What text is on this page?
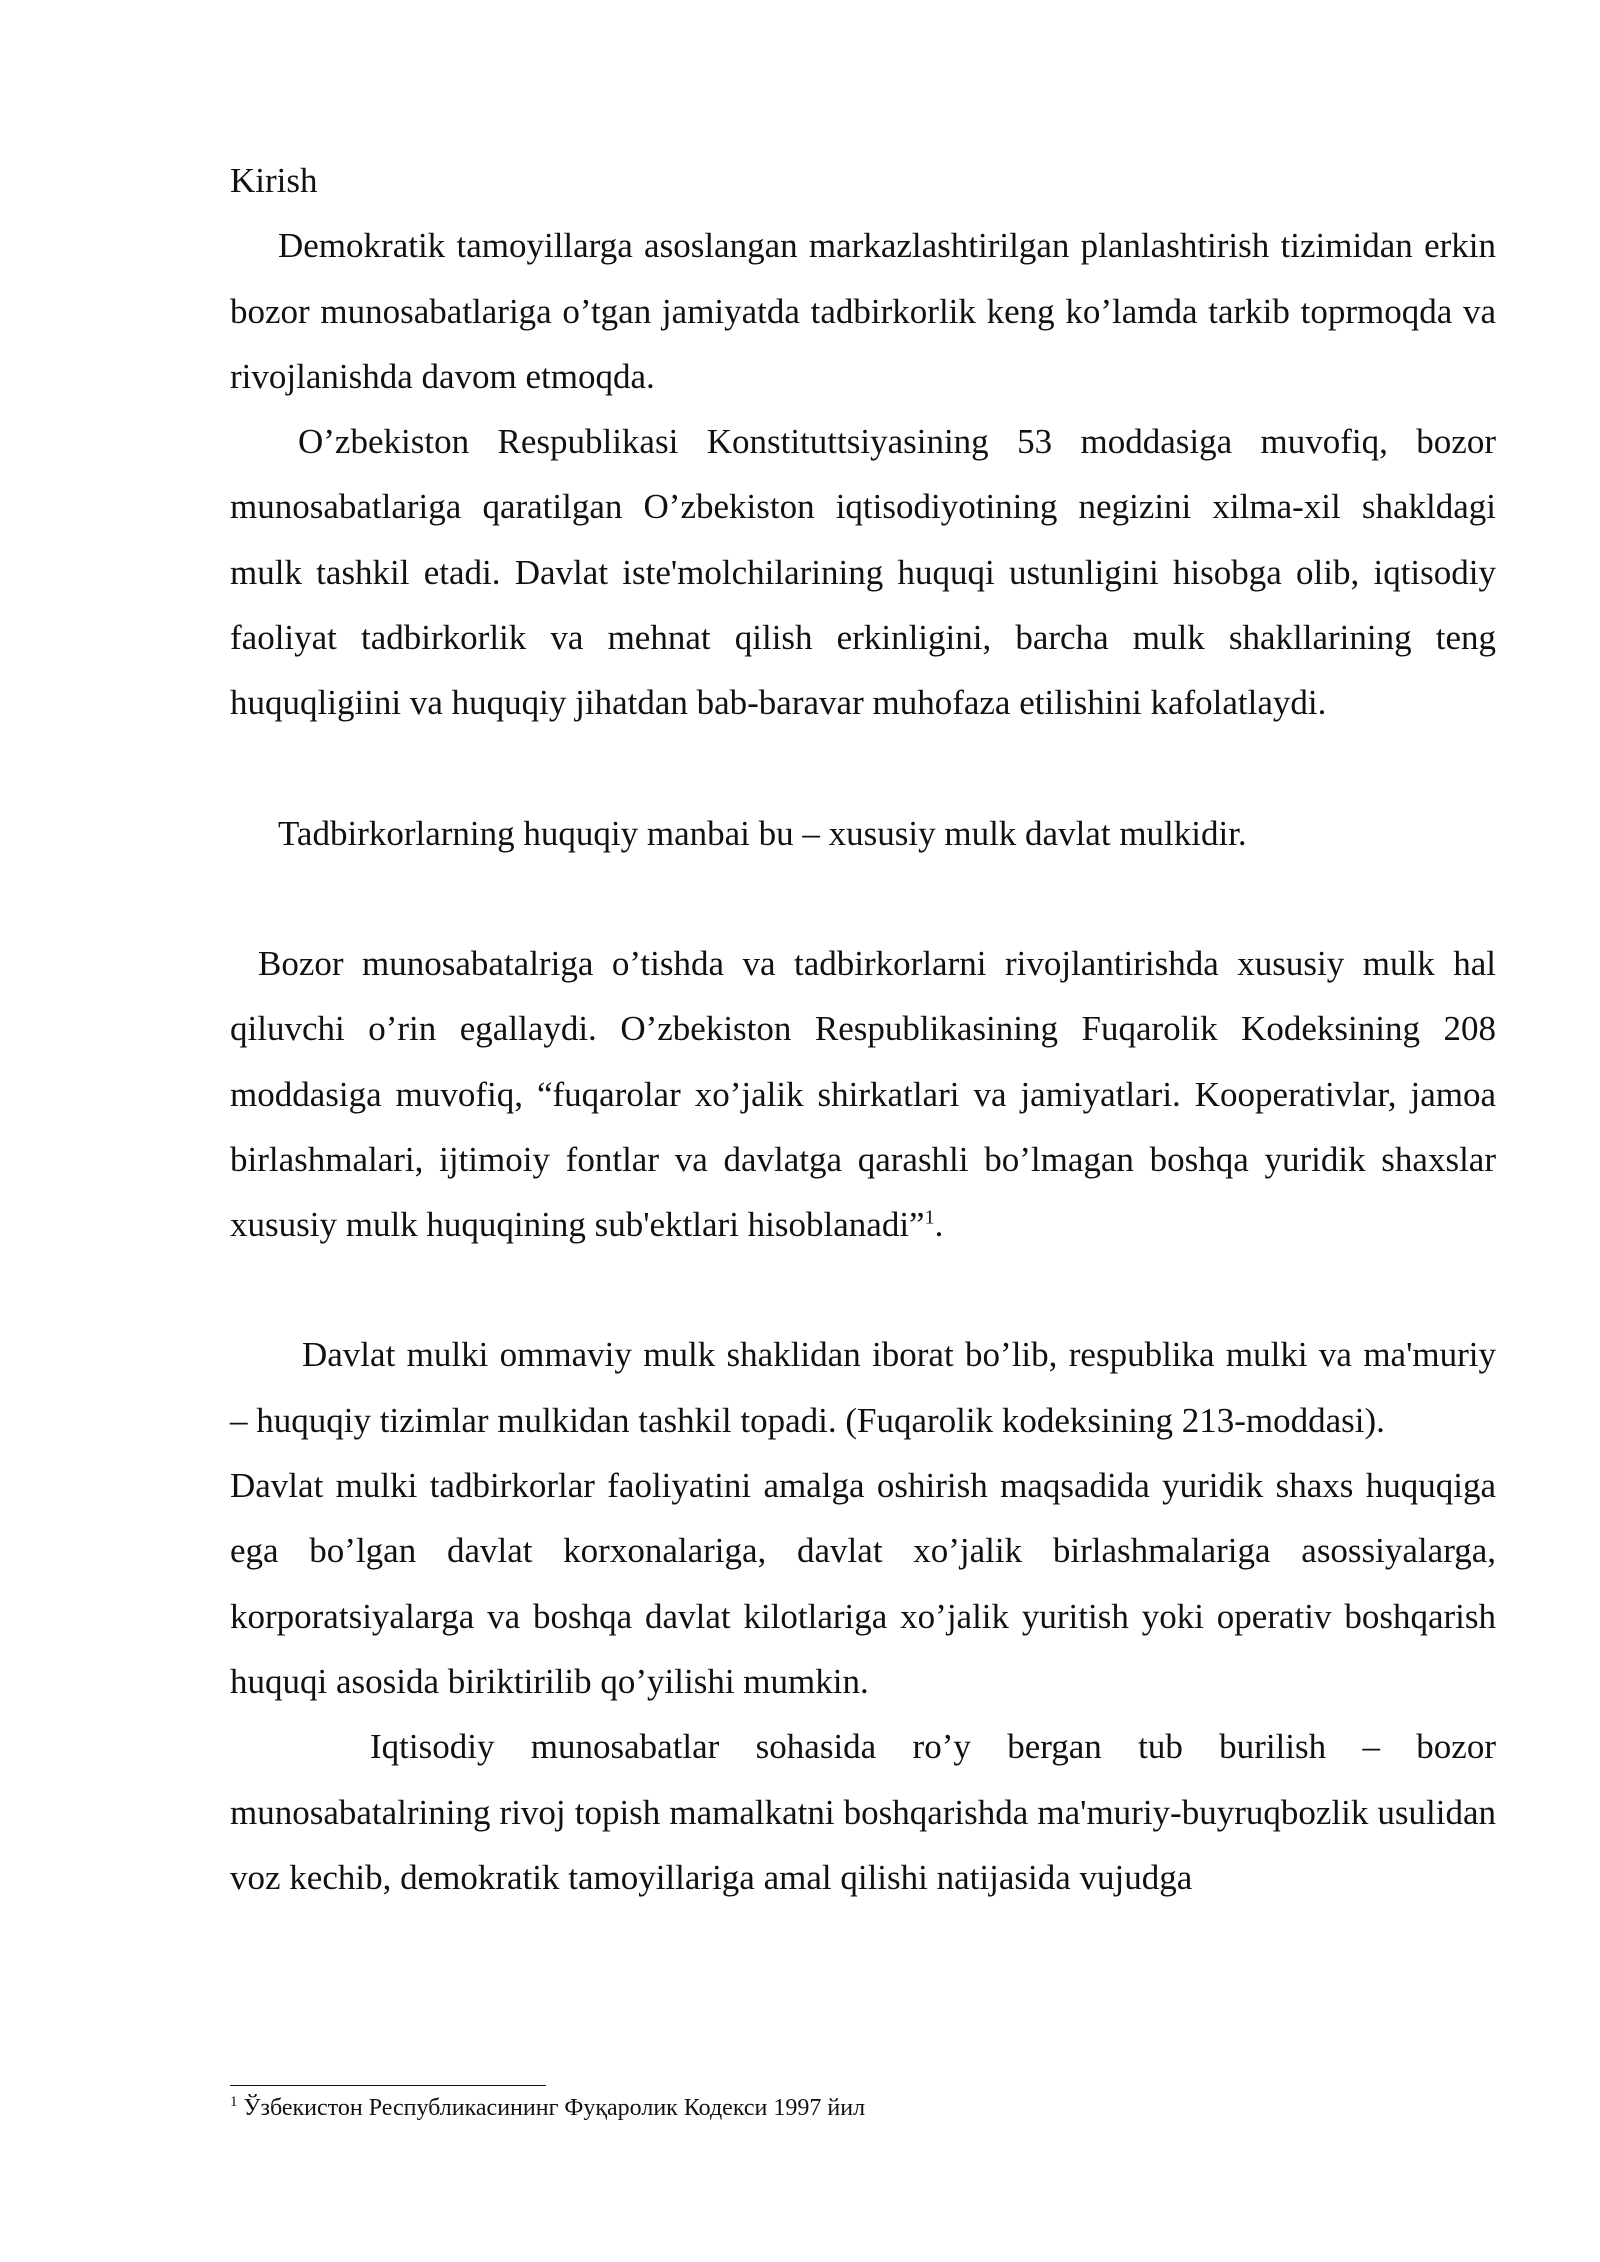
Kirish

Demokratik tamoyillarga asoslangan markazlashtirilgan planlashtirish tizimidan erkin bozor munosabatlariga o’tgan jamiyatda tadbirkorlik keng ko’lamda tarkib toprmoqda va rivojlanishda davom etmoqda.

O’zbekiston Respublikasi Konstituttsiyasining 53 moddasiga muvofiq, bozor munosabatlariga qaratilgan O’zbekiston iqtisodiyotining negizini xilma-xil shakldagi mulk tashkil etadi. Davlat iste'molchilarining huquqi ustunligini hisobga olib, iqtisodiy faoliyat tadbirkorlik va mehnat qilish erkinligini, barcha mulk shakllarining teng huquqligiini va huquqiy jihatdan bab-baravar muhofaza etilishini kafolatlaydi.

Tadbirkorlarning huquqiy manbai bu – xususiy mulk davlat mulkidir.

Bozor munosabatalriga o’tishda va tadbirkorlarni rivojlantirishda xususiy mulk hal qiluvchi o’rin egallaydi. O’zbekiston Respublikasining Fuqarolik Kodeksining 208 moddasiga muvofiq, “fuqarolar xo’jalik shirkatlari va jamiyatlari. Kooperativlar, jamoa birlashmalari, ijtimoiy fontlar va davlatga qarashli bo’lmagan boshqa yuridik shaxslar xususiy mulk huquqining sub'ektlari hisoblanadi”$^1$.

Davlat mulki ommaviy mulk shaklidan iborat bo’lib, respublika mulki va ma'muriy – huquqiy tizimlar mulkidan tashkil topadi. (Fuqarolik kodeksining 213-moddasi).

Davlat mulki tadbirkorlar faoliyatini amalga oshirish maqsadida yuridik shaxs huquqiga ega bo’lgan davlat korxonalariga, davlat xo’jalik birlashmalariga asossiyalarga, korporatsiyalarga va boshqa davlat kilotlariga xo’jalik yuritish yoki operativ boshqarish huquqi asosida biriktirilib qo’yilishi mumkin.

Iqtisodiy munosabatlar sohasida ro’y bergan tub burilish – bozor munosabatalrining rivoj topish mamalkatni boshqarishda ma'muriy-buyruqbozlik usulidan voz kechib, demokratik tamoyillariga amal qilishi natijasida vujudga

$^1$ Ўзбекистон Республикасининг Фуқаролик Кодекси 1997 йил
